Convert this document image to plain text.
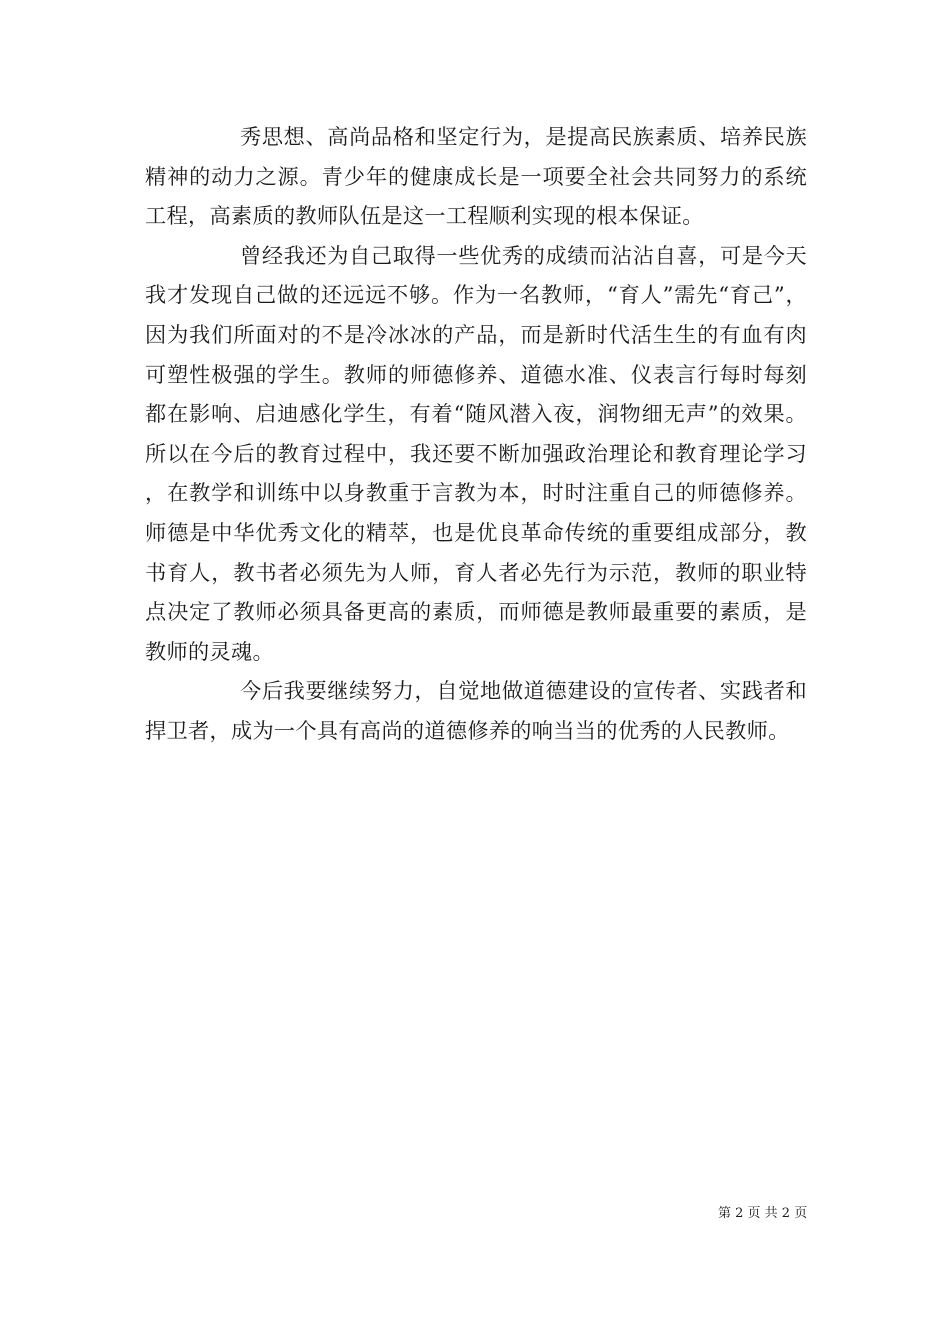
秀思想、高尚品格和坚定行为，是提高民族素质、培养民族精神的动力之源。青少年的健康成长是一项要全社会共同努力的系统工程，高素质的教师队伍是这一工程顺利实现的根本保证。

曾经我还为自己取得一些优秀的成绩而沾沾自喜，可是今天我才发现自己做的还远远不够。作为一名教师，“育人”需先“育己”，因为我们所面对的不是冷冰冰的产品，而是新时代活生生的有血有肉可塑性极强的学生。教师的师德修养、道德水准、仪表言行每时每刻都在影响、启迪感化学生，有着“随风潜入夜，润物细无声”的效果。所以在今后的教育过程中，我还要不断加强政治理论和教育理论学习，在教学和训练中以身教重于言教为本，时时注重自己的师德修养。师德是中华优秀文化的精萃，也是优良革命传统的重要组成部分，教书育人，教书者必须先为人师，育人者必先行为示范，教师的职业特点决定了教师必须具备更高的素质，而师德是教师最重要的素质，是教师的灵魂。

今后我要继续努力，自觉地做道德建设的宣传者、实践者和捍卫者，成为一个具有高尚的道德修养的响当当的优秀的人民教师。

第 2 页 共 2 页
